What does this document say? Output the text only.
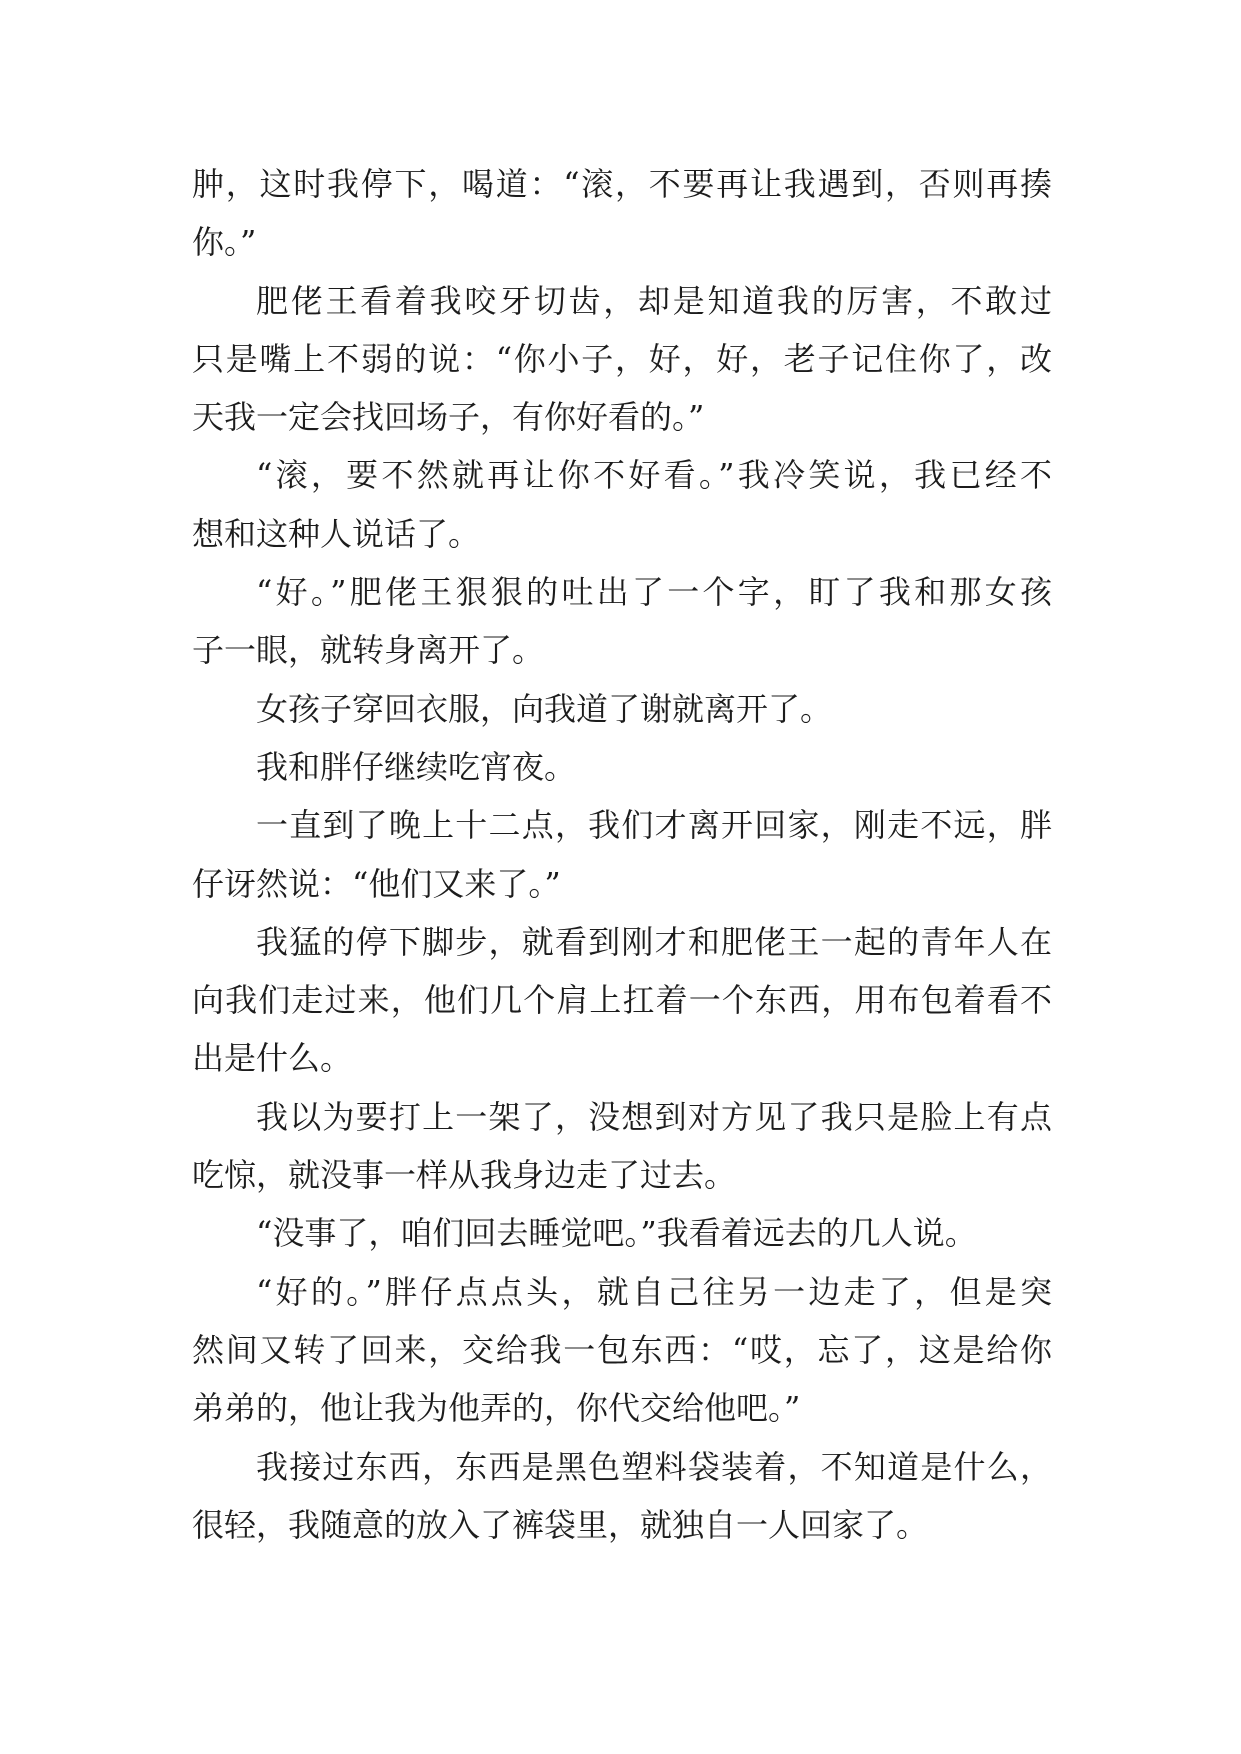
肿，这时我停下，喝道：“滚，不要再让我遇到，否则再揍
你。”
肥佬王看着我咬牙切齿，却是知道我的厉害，不敢过
只是嘴上不弱的说：“你小子，好，好，老子记住你了，改
天我一定会找回场子，有你好看的。”
“滚，要不然就再让你不好看。”我冷笑说，我已经不
想和这种人说话了。
“好。”肥佬王狠狠的吐出了一个字，盯了我和那女孩
子一眼，就转身离开了。
女孩子穿回衣服，向我道了谢就离开了。
我和胖仔继续吃宵夜。
一直到了晚上十二点，我们才离开回家，刚走不远，胖
仔讶然说：“他们又来了。”
我猛的停下脚步，就看到刚才和肥佬王一起的青年人在
向我们走过来，他们几个肩上扛着一个东西，用布包着看不
出是什么。
我以为要打上一架了，没想到对方见了我只是脸上有点
吃惊，就没事一样从我身边走了过去。
“没事了，咱们回去睡觉吧。”我看着远去的几人说。
“好的。”胖仔点点头，就自己往另一边走了，但是突
然间又转了回来，交给我一包东西：“哎，忘了，这是给你
弟弟的，他让我为他弄的，你代交给他吧。”
我接过东西，东西是黑色塑料袋装着，不知道是什么，
很轻，我随意的放入了裤袋里，就独自一人回家了。
